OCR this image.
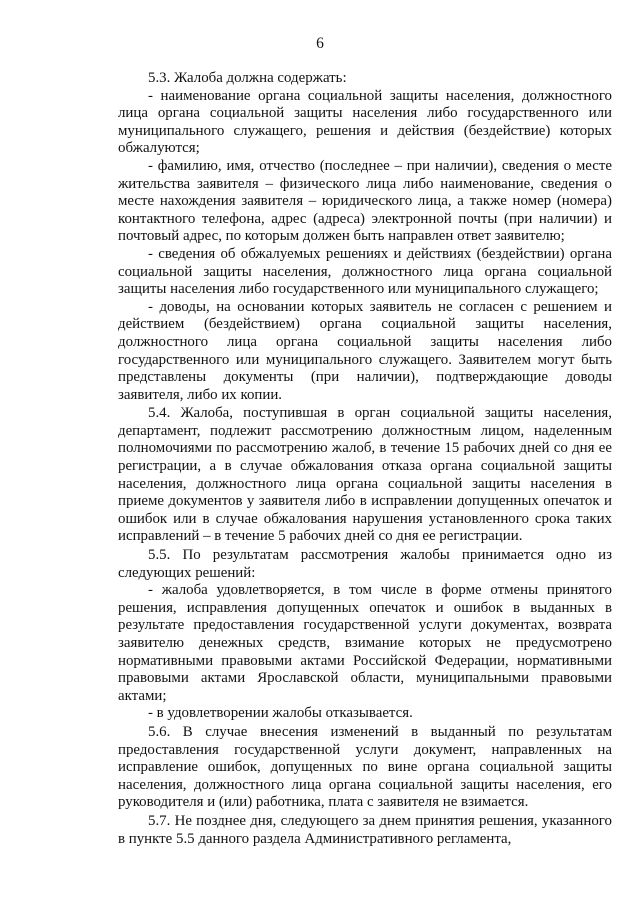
6

5.3. Жалоба должна содержать:

- наименование органа социальной защиты населения, должностного лица органа социальной защиты населения либо государственного или муниципального служащего, решения и действия (бездействие) которых обжалуются;

- фамилию, имя, отчество (последнее – при наличии), сведения о месте жительства заявителя – физического лица либо наименование, сведения о месте нахождения заявителя – юридического лица, а также номер (номера) контактного телефона, адрес (адреса) электронной почты (при наличии) и почтовый адрес, по которым должен быть направлен ответ заявителю;

- сведения об обжалуемых решениях и действиях (бездействии) органа социальной защиты населения, должностного лица органа социальной защиты населения либо государственного или муниципального служащего;

- доводы, на основании которых заявитель не согласен с решением и действием (бездействием) органа социальной защиты населения, должностного лица органа социальной защиты населения либо государственного или муниципального служащего. Заявителем могут быть представлены документы (при наличии), подтверждающие доводы заявителя, либо их копии.

5.4. Жалоба, поступившая в орган социальной защиты населения, департамент, подлежит рассмотрению должностным лицом, наделенным полномочиями по рассмотрению жалоб, в течение 15 рабочих дней со дня ее регистрации, а в случае обжалования отказа органа социальной защиты населения, должностного лица органа социальной защиты населения в приеме документов у заявителя либо в исправлении допущенных опечаток и ошибок или в случае обжалования нарушения установленного срока таких исправлений – в течение 5 рабочих дней со дня ее регистрации.

5.5. По результатам рассмотрения жалобы принимается одно из следующих решений:

- жалоба удовлетворяется, в том числе в форме отмены принятого решения, исправления допущенных опечаток и ошибок в выданных в результате предоставления государственной услуги документах, возврата заявителю денежных средств, взимание которых не предусмотрено нормативными правовыми актами Российской Федерации, нормативными правовыми актами Ярославской области, муниципальными правовыми актами;

- в удовлетворении жалобы отказывается.

5.6. В случае внесения изменений в выданный по результатам предоставления государственной услуги документ, направленных на исправление ошибок, допущенных по вине органа социальной защиты населения, должностного лица органа социальной защиты населения, его руководителя и (или) работника, плата с заявителя не взимается.

5.7. Не позднее дня, следующего за днем принятия решения, указанного в пункте 5.5 данного раздела Административного регламента,
